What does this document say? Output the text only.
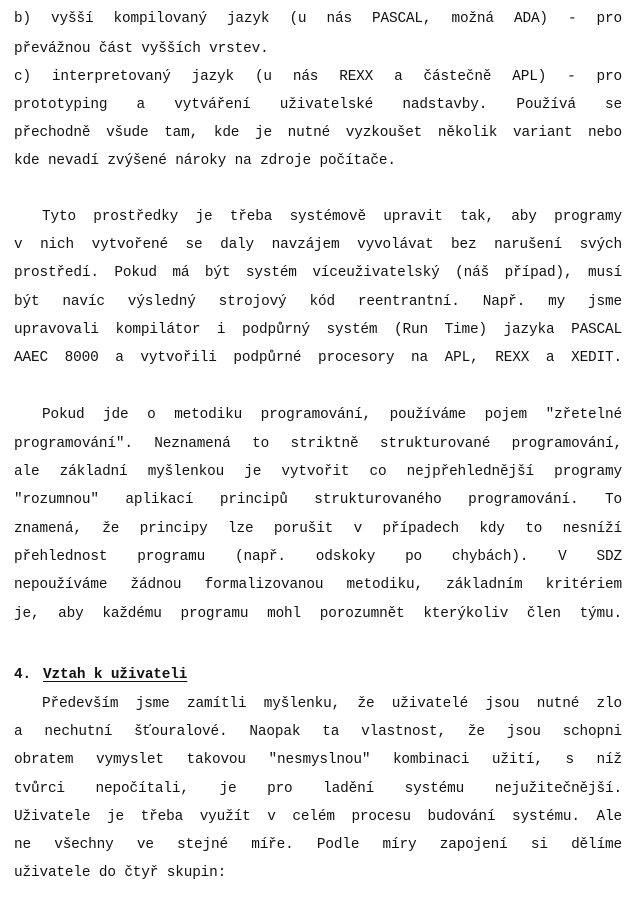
b) vyšší kompilovaný jazyk (u nás PASCAL, možná ADA) - pro
převážnou část vyšších vrstev.
c) interpretovaný jazyk (u nás REXX a částečně APL) - pro
prototyping a vytváření uživatelské nadstavby. Používá se
přechodně všude tam, kde je nutné vyzkoušet několik variant nebo
kde nevadí zvýšené nároky na zdroje počítače.
Tyto prostředky je třeba systémově upravit tak, aby programy
v nich vytvořené se daly navzájem vyvolávat bez narušení svých
prostředí. Pokud má být systém víceuživatelský (náš případ), musí
být navíc výsledný strojový kód reentrantní. Např. my jsme
upravovali kompilátor i podpůrný systém (Run Time) jazyka PASCAL
AAEC 8000 a vytvořili podpůrné procesory na APL, REXX a XEDIT.
Pokud jde o metodiku programování, používáme pojem "zřetelné
programování". Neznamená to striktně strukturované programování,
ale základní myšlenkou je vytvořit co nejpřehlednější programy
"rozumnou" aplikací principů strukturovaného programování. To
znamená, že principy lze porušit v případech kdy to nesníží
přehlednost programu (např. odskoky po chybách). V SDZ
nepoužíváme žádnou formalizovanou metodiku, základním kritériem
je, aby každému programu mohl porozumnět kterýkoliv člen týmu.
4. Vztah k uživateli
Především jsme zamítli myšlenku, že uživatelé jsou nutné zlo
a nechutní šťouralové. Naopak ta vlastnost, že jsou schopni
obratem vymyslet takovou "nesmyslnou" kombinaci užití, s níž
tvůrci nepočítali, je pro ladění systému nejužitečnější.
Uživatele je třeba využít v celém procesu budování systému. Ale
ne všechny ve stejné míře. Podle míry zapojení si dělíme
uživatele do čtyř skupin:
